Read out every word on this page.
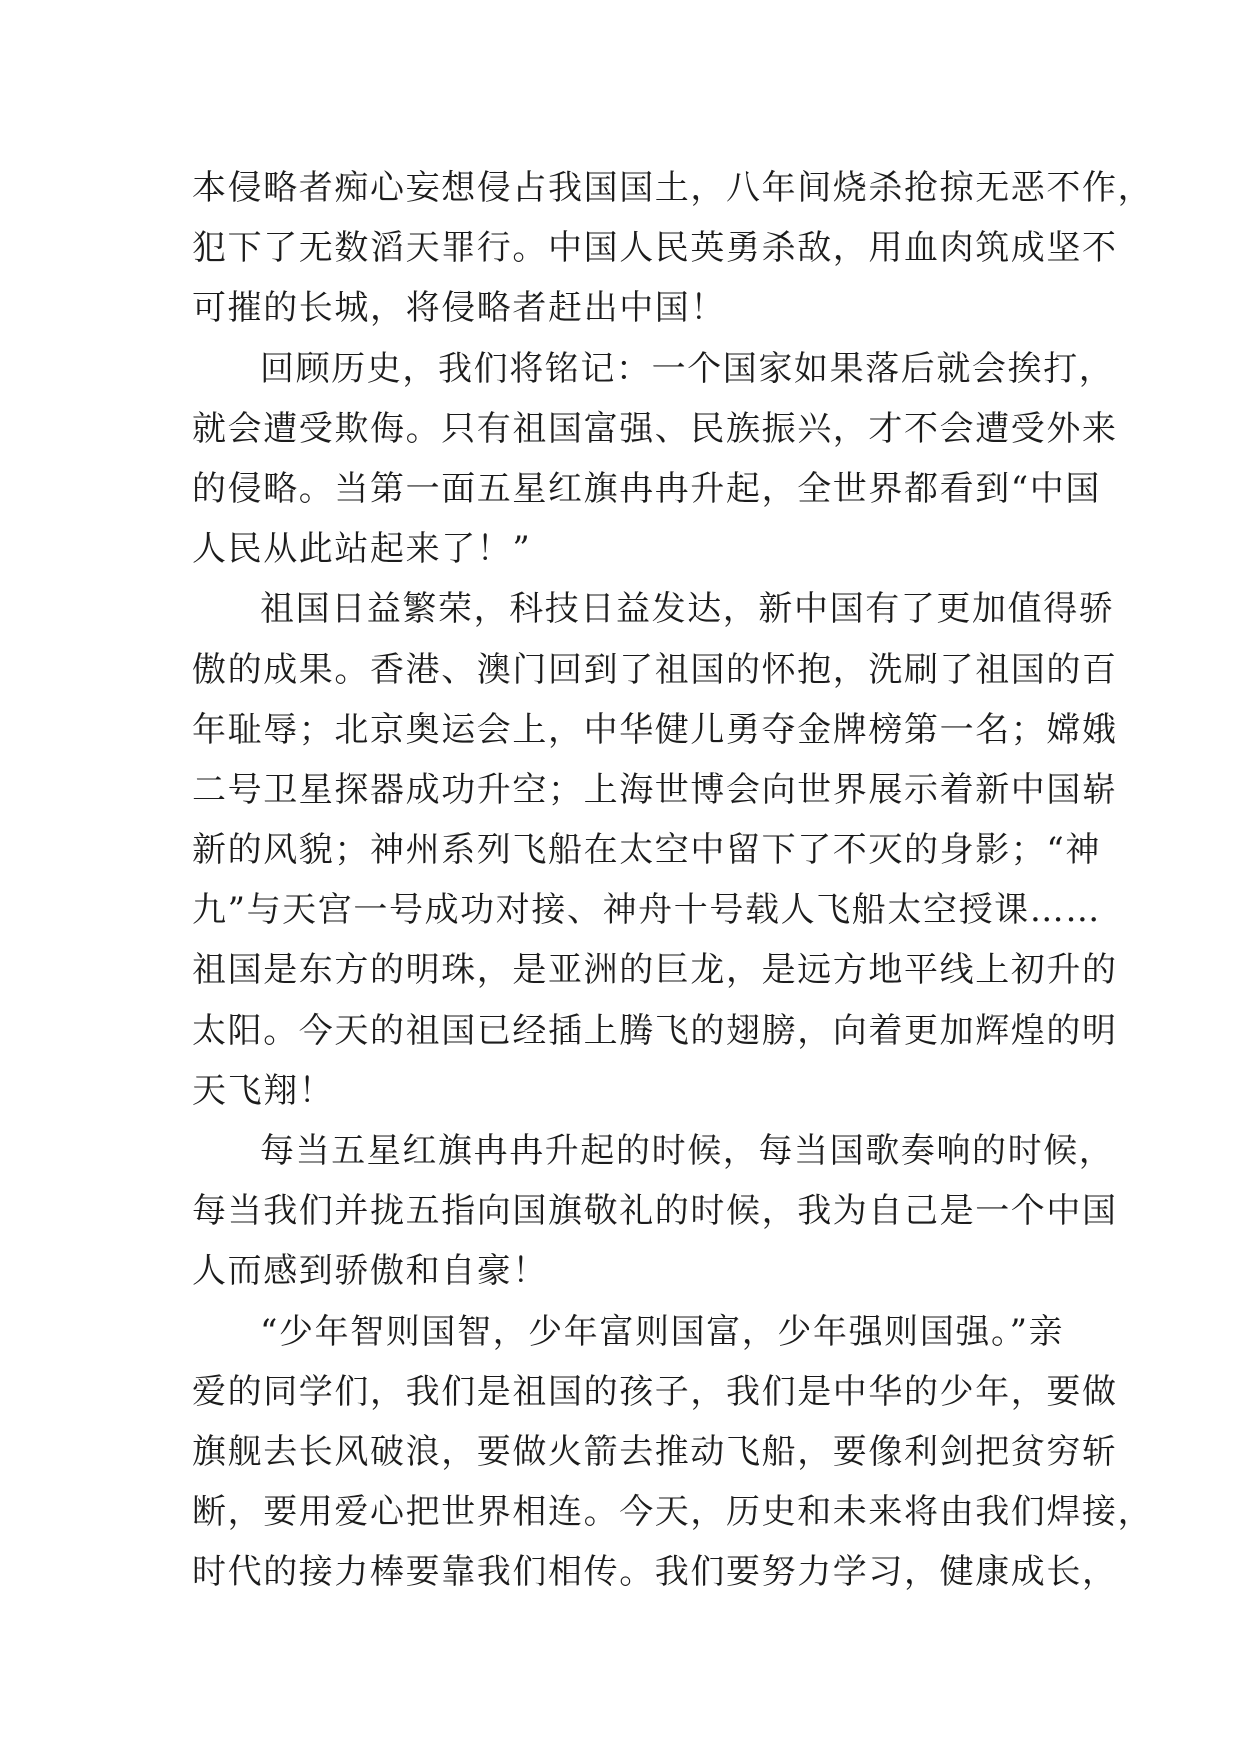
本侵略者痴心妄想侵占我国国土，八年间烧杀抢掠无恶不作，
犯下了无数滔天罪行。中国人民英勇杀敌，用血肉筑成坚不
可摧的长城，将侵略者赶出中国！
回顾历史，我们将铭记：一个国家如果落后就会挨打，
就会遭受欺侮。只有祖国富强、民族振兴，才不会遭受外来
的侵略。当第一面五星红旗冉冉升起，全世界都看到“中国
人民从此站起来了！”
祖国日益繁荣，科技日益发达，新中国有了更加值得骄
傲的成果。香港、澳门回到了祖国的怀抱，洗刷了祖国的百
年耻辱；北京奥运会上，中华健儿勇夺金牌榜第一名；嫦娥
二号卫星探器成功升空；上海世博会向世界展示着新中国崭
新的风貌；神州系列飞船在太空中留下了不灭的身影；“神
九”与天宫一号成功对接、神舟十号载人飞船太空授课……
祖国是东方的明珠，是亚洲的巨龙，是远方地平线上初升的
太阳。今天的祖国已经插上腾飞的翅膀，向着更加辉煌的明
天飞翔！
每当五星红旗冉冉升起的时候，每当国歌奏响的时候，
每当我们并拢五指向国旗敬礼的时候，我为自己是一个中国
人而感到骄傲和自豪！
“少年智则国智，少年富则国富，少年强则国强。”亲
爱的同学们，我们是祖国的孩子，我们是中华的少年，要做
旗舰去长风破浪，要做火箭去推动飞船，要像利剑把贫穷斩
断，要用爱心把世界相连。今天，历史和未来将由我们焊接，
时代的接力棒要靠我们相传。我们要努力学习，健康成长，
